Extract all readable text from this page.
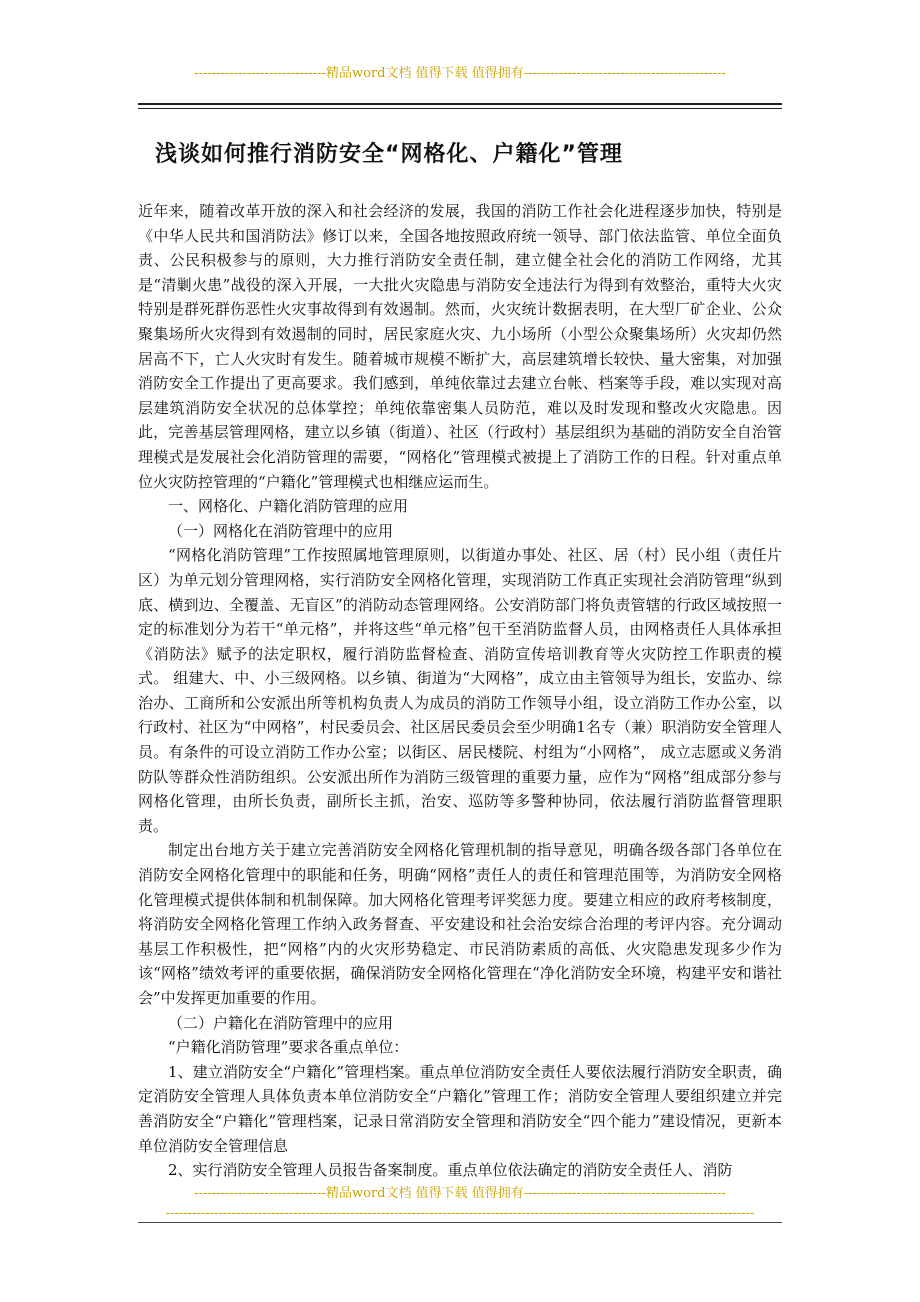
------------------------------精品word文档 值得下载 值得拥有----------------------------------------------
浅谈如何推行消防安全“网格化、户籍化”管理

近年来，随着改革开放的深入和社会经济的发展，我国的消防工作社会化进程逐步加快，特别是《中华人民共和国消防法》修订以来，全国各地按照政府统一领导、部门依法监管、单位全面负责、公民积极参与的原则，大力推行消防安全责任制，建立健全社会化的消防工作网络，尤其是“清剿火患”战役的深入开展，一大批火灾隐患与消防安全违法行为得到有效整治，重特大火灾特别是群死群伤恶性火灾事故得到有效遏制。然而，火灾统计数据表明，在大型厂矿企业、公众聚集场所火灾得到有效遏制的同时，居民家庭火灾、九小场所（小型公众聚集场所）火灾却仍然居高不下，亡人火灾时有发生。随着城市规模不断扩大，高层建筑增长较快、量大密集，对加强消防安全工作提出了更高要求。我们感到，单纯依靠过去建立台帐、档案等手段，难以实现对高层建筑消防安全状况的总体掌控；单纯依靠密集人员防范，难以及时发现和整改火灾隐患。因此，完善基层管理网格，建立以乡镇（街道）、社区（行政村）基层组织为基础的消防安全自治管理模式是发展社会化消防管理的需要，“网格化”管理模式被提上了消防工作的日程。针对重点单位火灾防控管理的“户籍化”管理模式也相继应运而生。

一、网格化、户籍化消防管理的应用

（一）网格化在消防管理中的应用

“网格化消防管理”工作按照属地管理原则，以街道办事处、社区、居（村）民小组（责任片区）为单元划分管理网格，实行消防安全网格化管理，实现消防工作真正实现社会消防管理“纵到底、横到边、全覆盖、无盲区”的消防动态管理网络。公安消防部门将负责管辖的行政区域按照一定的标准划分为若干“单元格”，并将这些“单元格”包干至消防监督人员，由网格责任人具体承担《消防法》赋予的法定职权，履行消防监督检查、消防宣传培训教育等火灾防控工作职责的模式。 组建大、中、小三级网格。以乡镇、街道为“大网格”，成立由主管领导为组长，安监办、综治办、工商所和公安派出所等机构负责人为成员的消防工作领导小组，设立消防工作办公室，以行政村、社区为“中网格”，村民委员会、社区居民委员会至少明确1名专（兼）职消防安全管理人员。有条件的可设立消防工作办公室；以街区、居民楼院、村组为“小网格”， 成立志愿或义务消防队等群众性消防组织。公安派出所作为消防三级管理的重要力量，应作为“网格”组成部分参与网格化管理，由所长负责，副所长主抓，治安、巡防等多警种协同，依法履行消防监督管理职责。

制定出台地方关于建立完善消防安全网格化管理机制的指导意见，明确各级各部门各单位在消防安全网格化管理中的职能和任务，明确“网格”责任人的责任和管理范围等，为消防安全网格化管理模式提供体制和机制保障。加大网格化管理考评奖惩力度。要建立相应的政府考核制度，将消防安全网格化管理工作纳入政务督查、平安建设和社会治安综合治理的考评内容。充分调动基层工作积极性，把“网格”内的火灾形势稳定、市民消防素质的高低、火灾隐患发现多少作为该“网格”绩效考评的重要依据，确保消防安全网格化管理在“净化消防安全环境，构建平安和谐社会”中发挥更加重要的作用。

（二）户籍化在消防管理中的应用

“户籍化消防管理”要求各重点单位：

1、建立消防安全“户籍化”管理档案。重点单位消防安全责任人要依法履行消防安全职责，确定消防安全管理人具体负责本单位消防安全“户籍化”管理工作；消防安全管理人要组织建立并完善消防安全“户籍化”管理档案，记录日常消防安全管理和消防安全“四个能力”建设情况，更新本单位消防安全管理信息

2、实行消防安全管理人员报告备案制度。重点单位依法确定的消防安全责任人、消防

------------------------------精品word文档 值得下载 值得拥有----------------------------------------------
--------------------------------------------------------------------------------------------------------------------------------------
